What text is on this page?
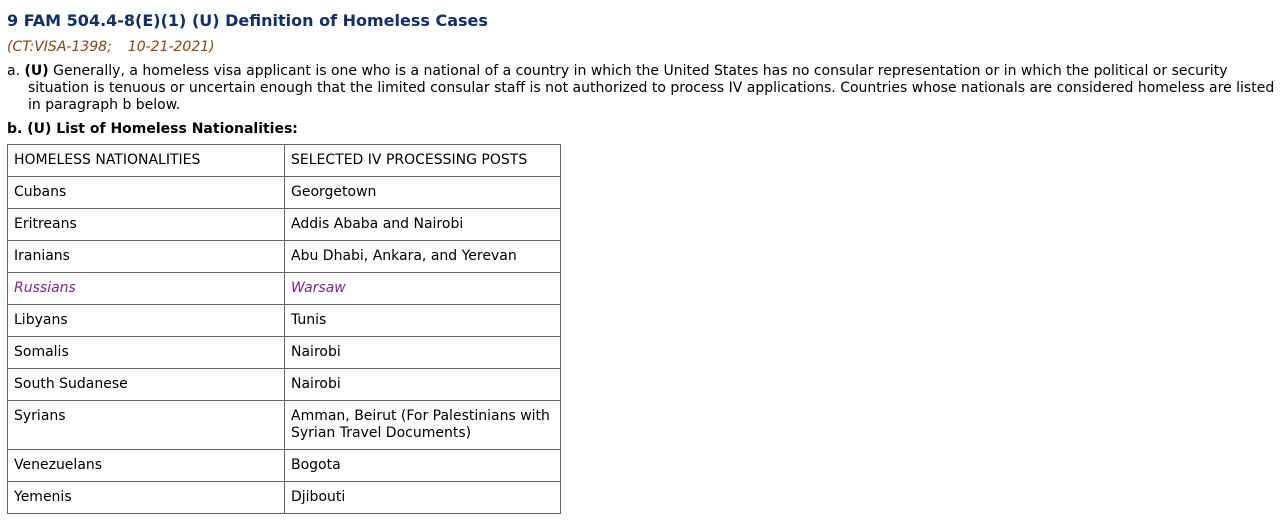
9 FAM 504.4-8(E)(1) (U) Definition of Homeless Cases
(CT:VISA-1398; 10-21-2021)
a. (U) Generally, a homeless visa applicant is one who is a national of a country in which the United States has no consular representation or in which the political or security situation is tenuous or uncertain enough that the limited consular staff is not authorized to process IV applications. Countries whose nationals are considered homeless are listed in paragraph b below.
b. (U) List of Homeless Nationalities:
HOMELESS NATIONALITIES	SELECTED IV PROCESSING POSTS
Cubans	Georgetown
Eritreans	Addis Ababa and Nairobi
Iranians	Abu Dhabi, Ankara, and Yerevan
Russians	Warsaw
Libyans	Tunis
Somalis	Nairobi
South Sudanese	Nairobi
Syrians	Amman, Beirut (For Palestinians with Syrian Travel Documents)
Venezuelans	Bogota
Yemenis	Djibouti
